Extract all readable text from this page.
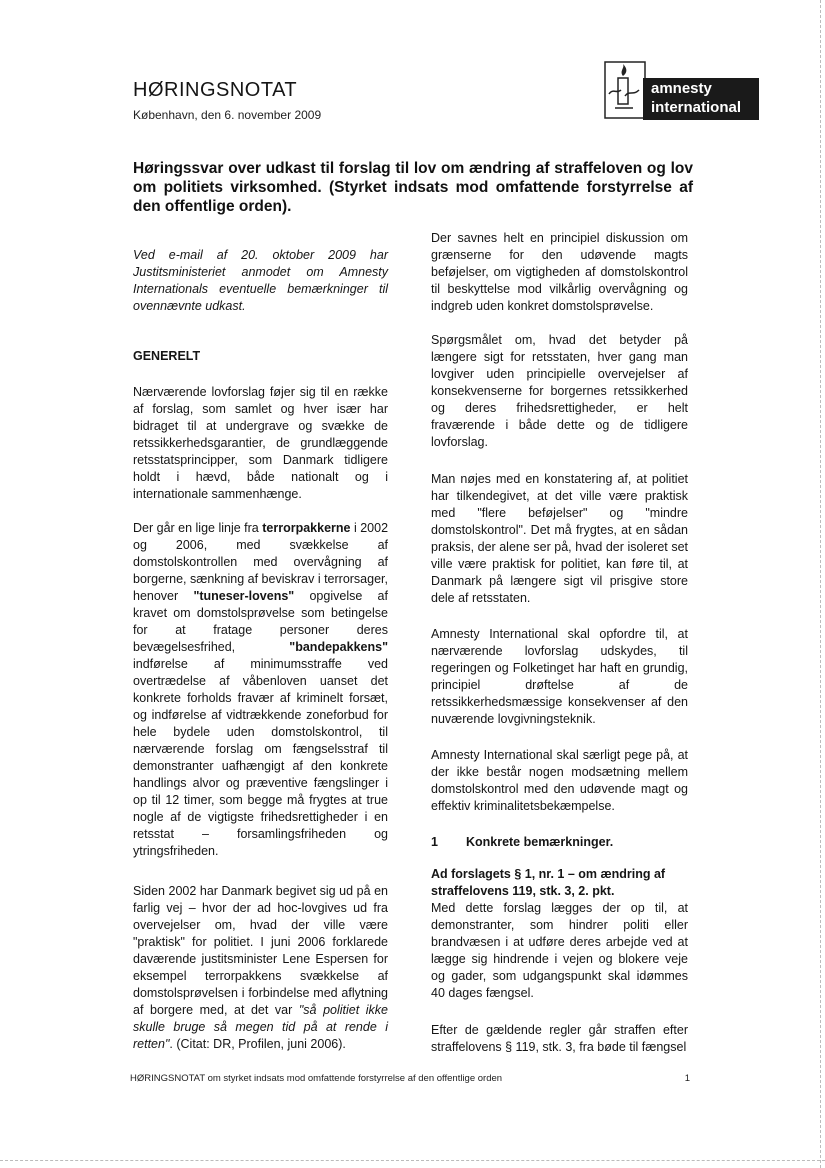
HØRINGSNOTAT
København, den 6. november 2009
amnesty
international
Høringssvar over udkast til forslag til lov om ændring af straffeloven og lov om politiets virksomhed. (Styrket indsats mod omfattende forstyrrelse af den offentlige orden).

Ved e-mail af 20. oktober 2009 har Justitsministeriet anmodet om Amnesty Internationals eventuelle bemærkninger til ovennævnte udkast.

GENERELT

Nærværende lovforslag føjer sig til en række af forslag, som samlet og hver især har bidraget til at undergrave og svække de retssikkerhedsgarantier, de grundlæggende retsstatsprincipper, som Danmark tidligere holdt i hævd, både nationalt og i internationale sammenhænge.

Der går en lige linje fra terrorpakkerne i 2002 og 2006, med svækkelse af domstolskontrollen med overvågning af borgerne, sænkning af beviskrav i terrorsager, henover "tuneser-lovens" opgivelse af kravet om domstolsprøvelse som betingelse for at fratage personer deres bevægelsesfrihed, "bandepakkens" indførelse af minimumsstraffe ved overtrædelse af våbenloven uanset det konkrete forholds fravær af kriminelt forsæt, og indførelse af vidtrækkende zoneforbud for hele bydele uden domstolskontrol, til nærværende forslag om fængselsstraf til demonstranter uafhængigt af den konkrete handlings alvor og præventive fængslinger i op til 12 timer, som begge må frygtes at true nogle af de vigtigste frihedsrettigheder i en retsstat – forsamlingsfriheden og ytringsfriheden.

Siden 2002 har Danmark begivet sig ud på en farlig vej – hvor der ad hoc-lovgives ud fra overvejelser om, hvad der ville være "praktisk" for politiet. I juni 2006 forklarede daværende justitsminister Lene Espersen for eksempel terrorpakkens svækkelse af domstolsprøvelsen i forbindelse med aflytning af borgere med, at det var "så politiet ikke skulle bruge så megen tid på at rende i retten". (Citat: DR, Profilen, juni 2006).

Der savnes helt en principiel diskussion om grænserne for den udøvende magts beføjelser, om vigtigheden af domstolskontrol til beskyttelse mod vilkårlig overvågning og indgreb uden konkret domstolsprøvelse.

Spørgsmålet om, hvad det betyder på længere sigt for retsstaten, hver gang man lovgiver uden principielle overvejelser af konsekvenserne for borgernes retssikkerhed og deres frihedsrettigheder, er helt fraværende i både dette og de tidligere lovforslag.

Man nøjes med en konstatering af, at politiet har tilkendegivet, at det ville være praktisk med "flere beføjelser" og "mindre domstolskontrol". Det må frygtes, at en sådan praksis, der alene ser på, hvad der isoleret set ville være praktisk for politiet, kan føre til, at Danmark på længere sigt vil prisgive store dele af retsstaten.

Amnesty International skal opfordre til, at nærværende lovforslag udskydes, til regeringen og Folketinget har haft en grundig, principiel drøftelse af de retssikkerhedsmæssige konsekvenser af den nuværende lovgivningsteknik.

Amnesty International skal særligt pege på, at der ikke består nogen modsætning mellem domstolskontrol med den udøvende magt og effektiv kriminalitetsbekæmpelse.

1 Konkrete bemærkninger.

Ad forslagets § 1, nr. 1 – om ændring af straffelovens 119, stk. 3, 2. pkt.

Med dette forslag lægges der op til, at demonstranter, som hindrer politi eller brandvæsen i at udføre deres arbejde ved at lægge sig hindrende i vejen og blokere veje og gader, som udgangspunkt skal idømmes 40 dages fængsel.

Efter de gældende regler går straffen efter straffelovens § 119, stk. 3, fra bøde til fængsel

HØRINGSNOTAT om styrket indsats mod omfattende forstyrrelse af den offentlige orden	1
